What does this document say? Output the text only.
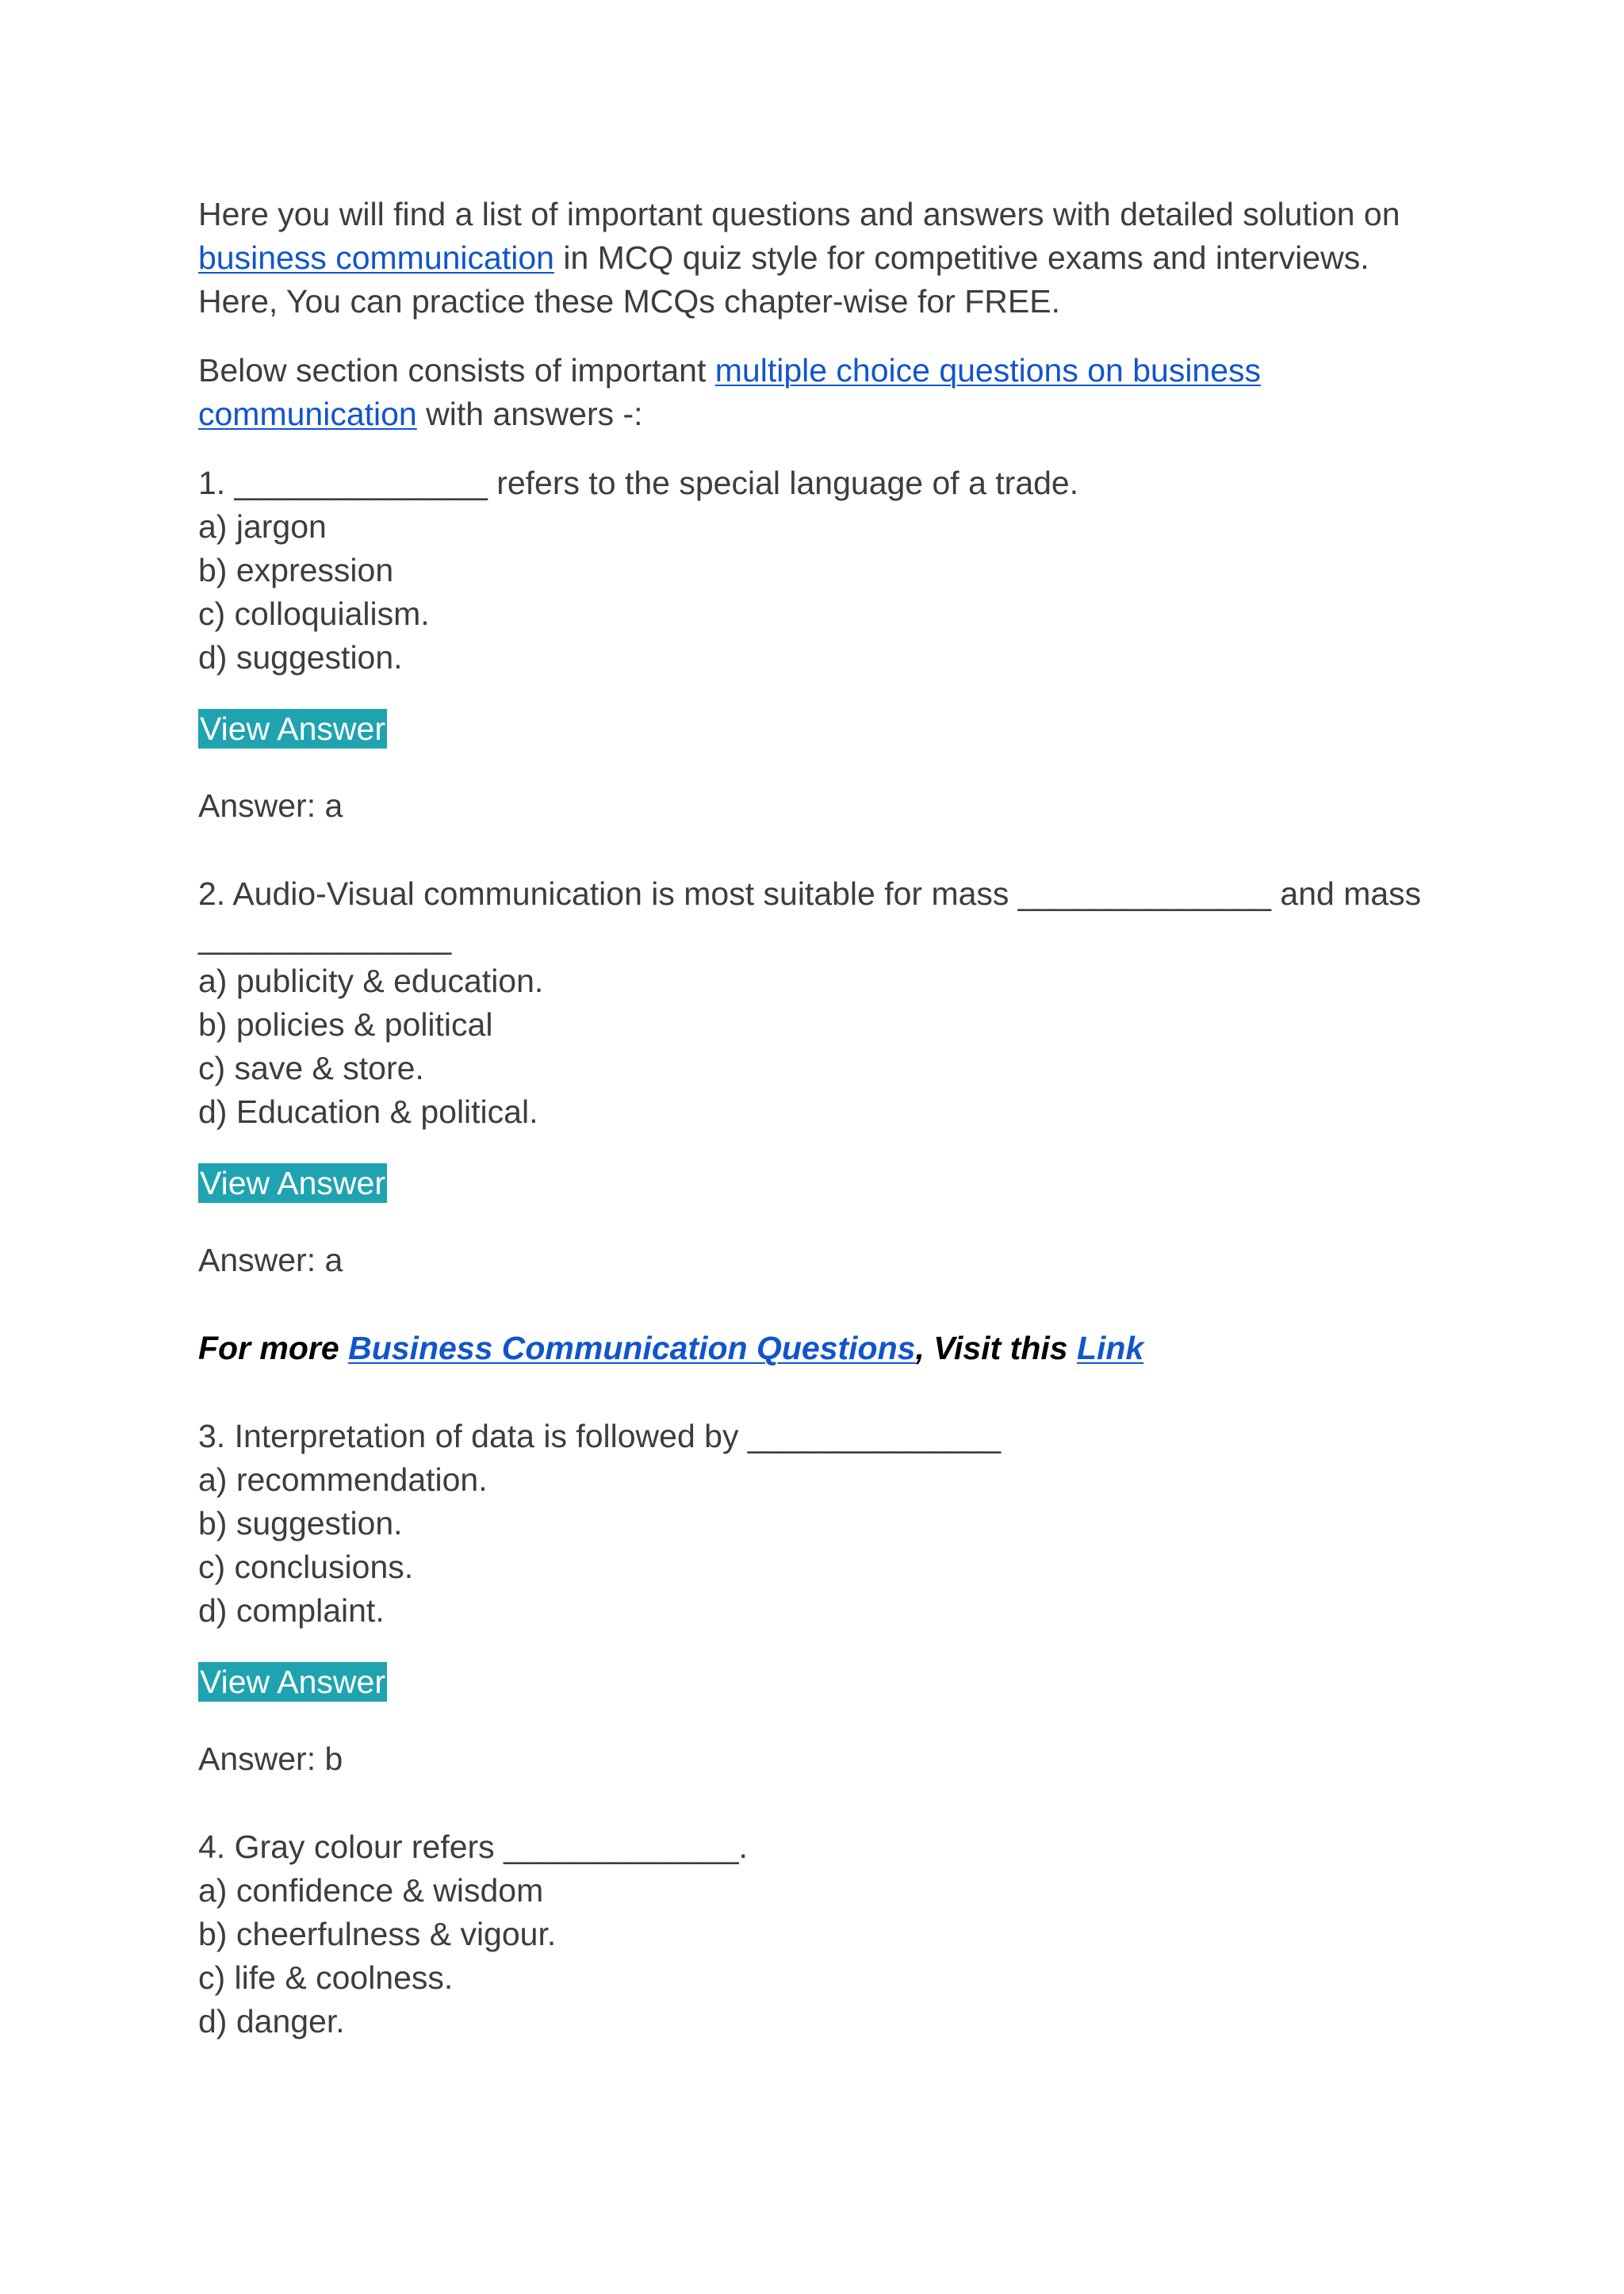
Here you will find a list of important questions and answers with detailed solution on
business communication in MCQ quiz style for competitive exams and interviews. Here, You can practice these MCQs chapter-wise for FREE.

Below section consists of important multiple choice questions on business communication with answers -:

1. ______________ refers to the special language of a trade.

a) jargon
b) expression
c) colloquialism.
d) suggestion.
View Answer
Answer: a

2. Audio-Visual communication is most suitable for mass ______________ and mass ______________

a) publicity & education.
b) policies & political
c) save & store.
d) Education & political.
View Answer
Answer: a

For more Business Communication Questions, Visit this Link

3. Interpretation of data is followed by ______________

a) recommendation.
b) suggestion.
c) conclusions.
d) complaint.
View Answer
Answer: b

4. Gray colour refers _____________.

a) confidence & wisdom
b) cheerfulness & vigour.
c) life & coolness.
d) danger.
